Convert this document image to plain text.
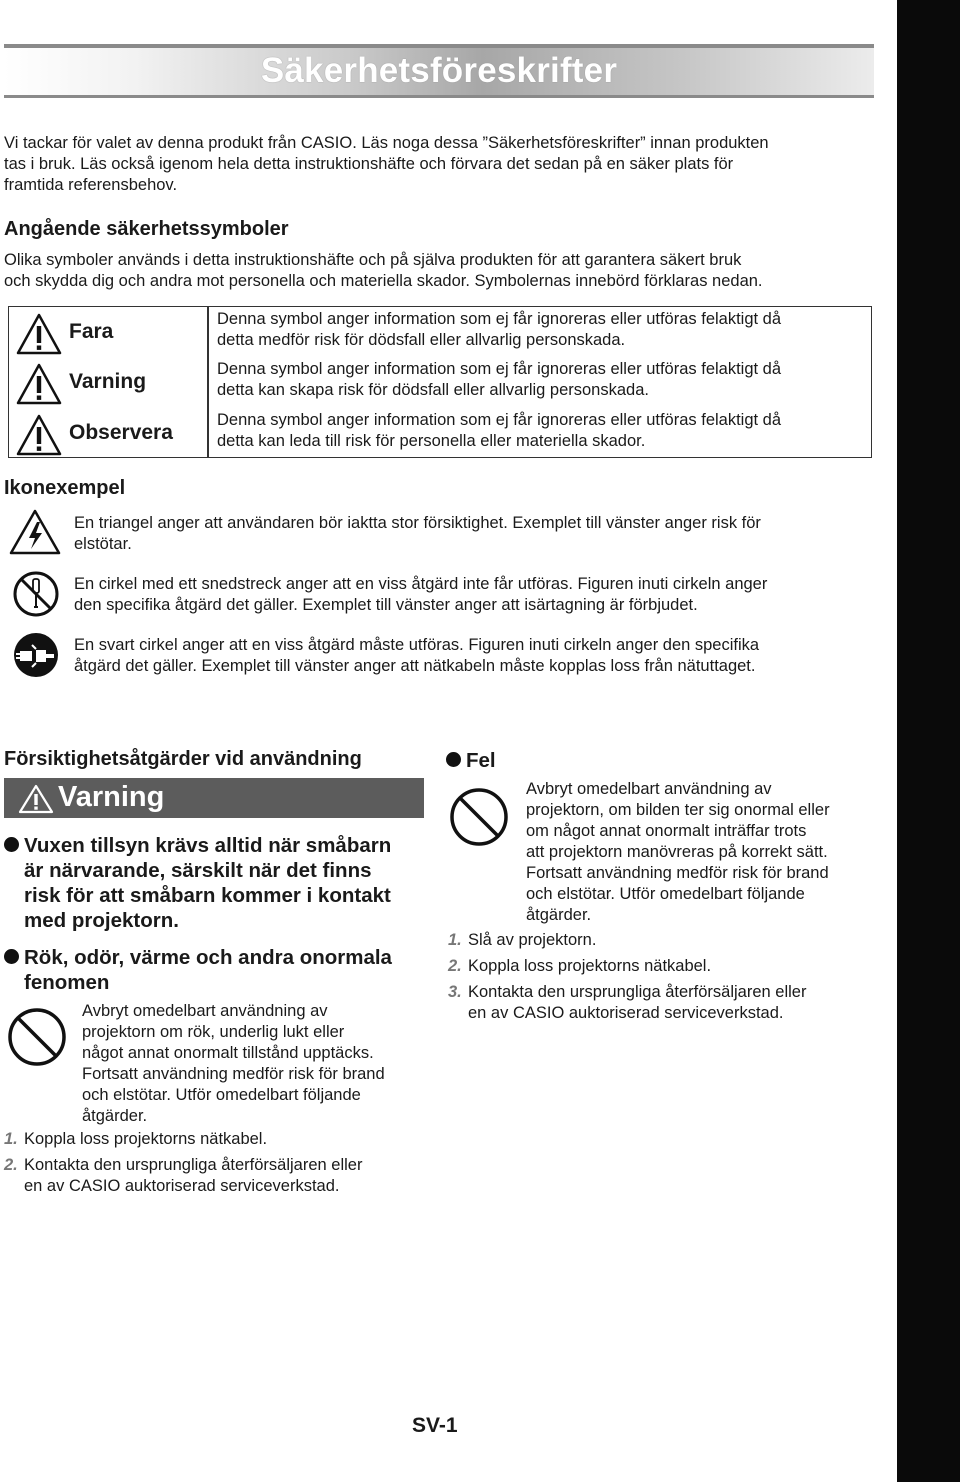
Säkerhetsföreskrifter
Vi tackar för valet av denna produkt från CASIO. Läs noga dessa ”Säkerhetsföreskrifter” innan produkten
tas i bruk. Läs också igenom hela detta instruktionshäfte och förvara det sedan på en säker plats för
framtida referensbehov.
Angående säkerhetssymboler
Olika symboler används i detta instruktionshäfte och på själva produkten för att garantera säkert bruk
och skydda dig och andra mot personella och materiella skador. Symbolernas innebörd förklaras nedan.
Fara
Denna symbol anger information som ej får ignoreras eller utföras felaktigt då
detta medför risk för dödsfall eller allvarlig personskada.
Varning
Denna symbol anger information som ej får ignoreras eller utföras felaktigt då
detta kan skapa risk för dödsfall eller allvarlig personskada.
Observera
Denna symbol anger information som ej får ignoreras eller utföras felaktigt då
detta kan leda till risk för personella eller materiella skador.
Ikonexempel
En triangel anger att användaren bör iaktta stor försiktighet. Exemplet till vänster anger risk för
elstötar.
En cirkel med ett snedstreck anger att en viss åtgärd inte får utföras. Figuren inuti cirkeln anger
den specifika åtgärd det gäller. Exemplet till vänster anger att isärtagning är förbjudet.
En svart cirkel anger att en viss åtgärd måste utföras. Figuren inuti cirkeln anger den specifika
åtgärd det gäller. Exemplet till vänster anger att nätkabeln måste kopplas loss från nätuttaget.
Försiktighetsåtgärder vid användning
Varning
Vuxen tillsyn krävs alltid när småbarn
är närvarande, särskilt när det finns
risk för att småbarn kommer i kontakt
med projektorn.
Rök, odör, värme och andra onormala
fenomen
Avbryt omedelbart användning av
projektorn om rök, underlig lukt eller
något annat onormalt tillstånd upptäcks.
Fortsatt användning medför risk för brand
och elstötar. Utför omedelbart följande
åtgärder.
1. Koppla loss projektorns nätkabel.
2. Kontakta den ursprungliga återförsäljaren eller
en av CASIO auktoriserad serviceverkstad.
Fel
Avbryt omedelbart användning av
projektorn, om bilden ter sig onormal eller
om något annat onormalt inträffar trots
att projektorn manövreras på korrekt sätt.
Fortsatt användning medför risk för brand
och elstötar. Utför omedelbart följande
åtgärder.
1. Slå av projektorn.
2. Koppla loss projektorns nätkabel.
3. Kontakta den ursprungliga återförsäljaren eller
en av CASIO auktoriserad serviceverkstad.
SV-1
